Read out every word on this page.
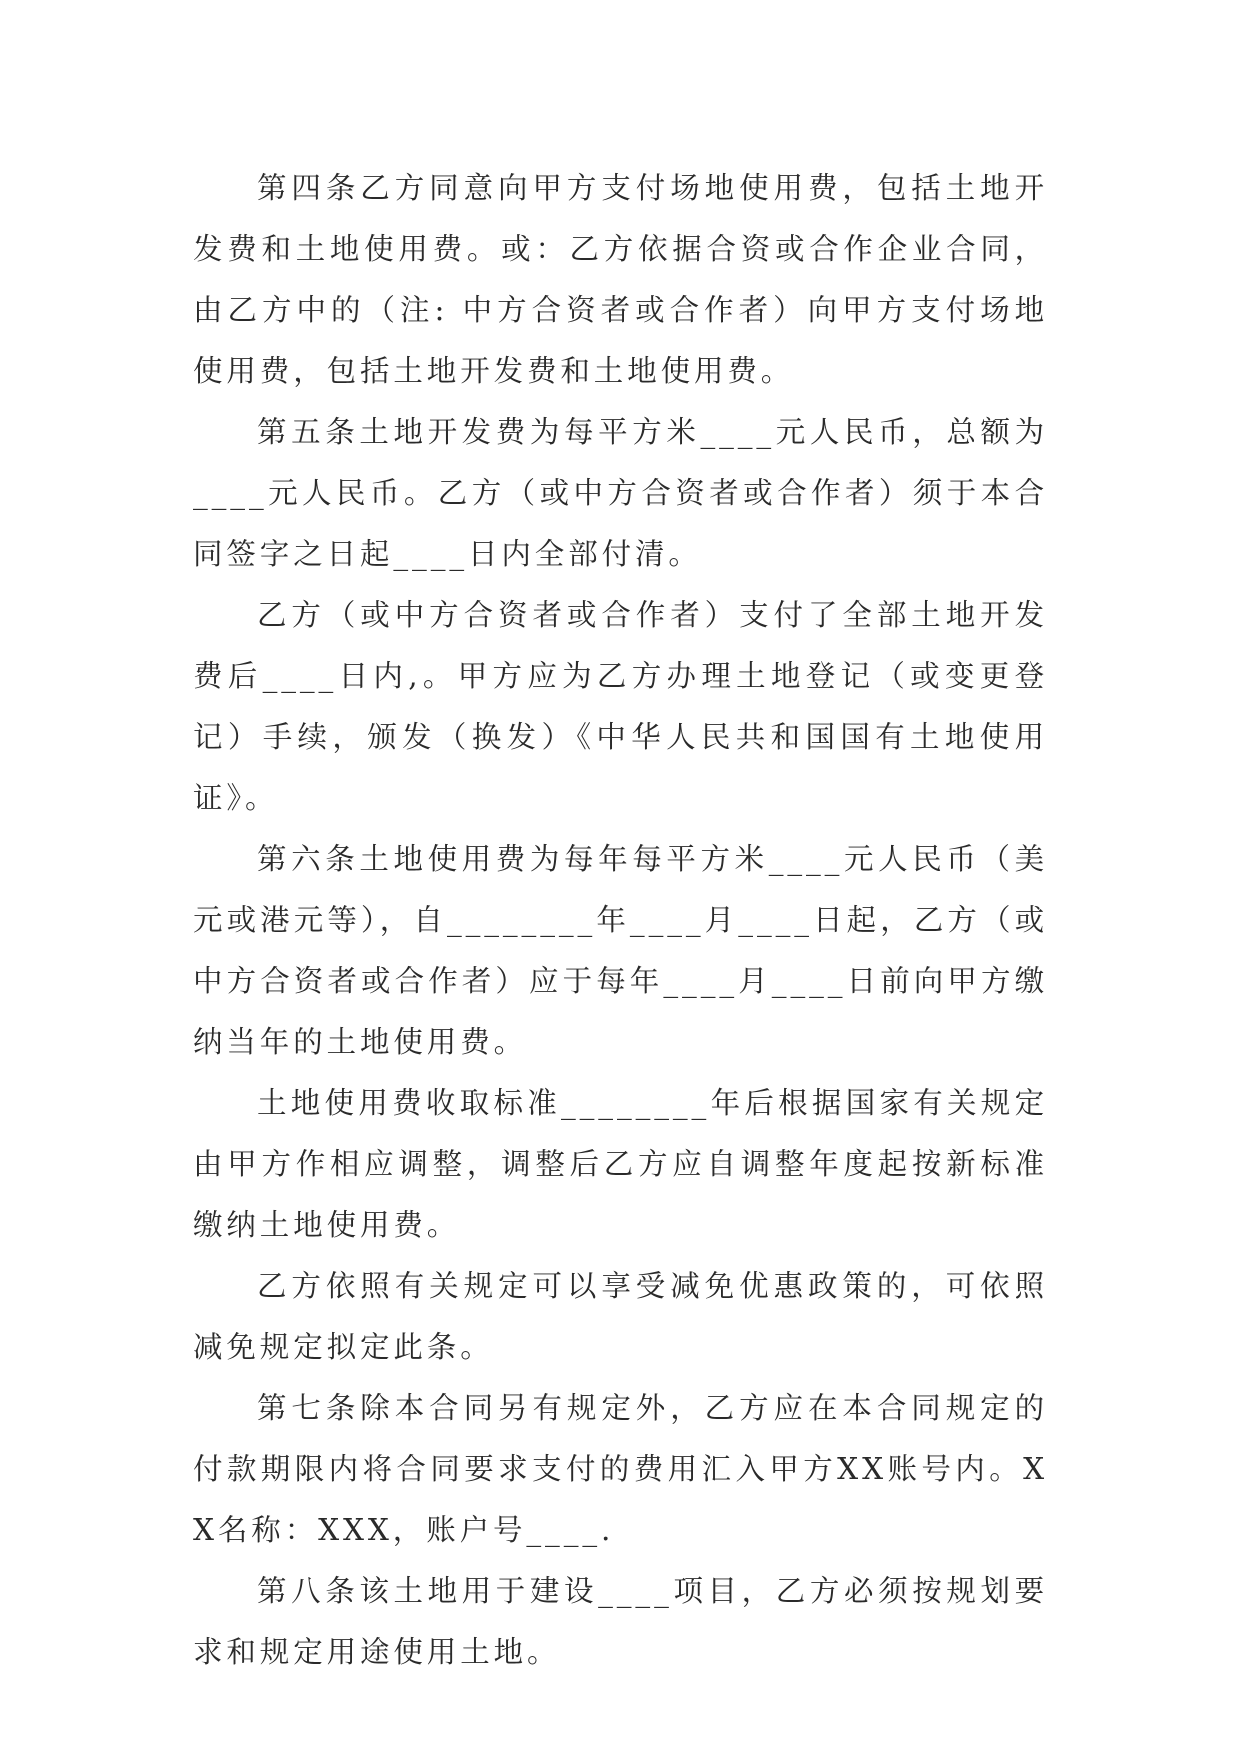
第四条乙方同意向甲方支付场地使用费，包括土地开发费和土地使用费。或：乙方依据合资或合作企业合同，由乙方中的（注: 中方合资者或合作者）向甲方支付场地使用费，包括土地开发费和土地使用费。

第五条土地开发费为每平方米____元人民币，总额为____元人民币。乙方（或中方合资者或合作者）须于本合同签字之日起____日内全部付清。

乙方（或中方合资者或合作者）支付了全部土地开发费后____日内,。甲方应为乙方办理土地登记（或变更登记）手续，颁发（换发）《中华人民共和国国有土地使用证》。

第六条土地使用费为每年每平方米____元人民币（美元或港元等），自________年____月____日起，乙方（或中方合资者或合作者）应于每年____月____日前向甲方缴纳当年的土地使用费。

土地使用费收取标准________年后根据国家有关规定由甲方作相应调整，调整后乙方应自调整年度起按新标准缴纳土地使用费。

乙方依照有关规定可以享受减免优惠政策的，可依照减免规定拟定此条。

第七条除本合同另有规定外，乙方应在本合同规定的付款期限内将合同要求支付的费用汇入甲方XX账号内。XX名称：XXX，账户号____.

第八条该土地用于建设____项目，乙方必须按规划要求和规定用途使用土地。
